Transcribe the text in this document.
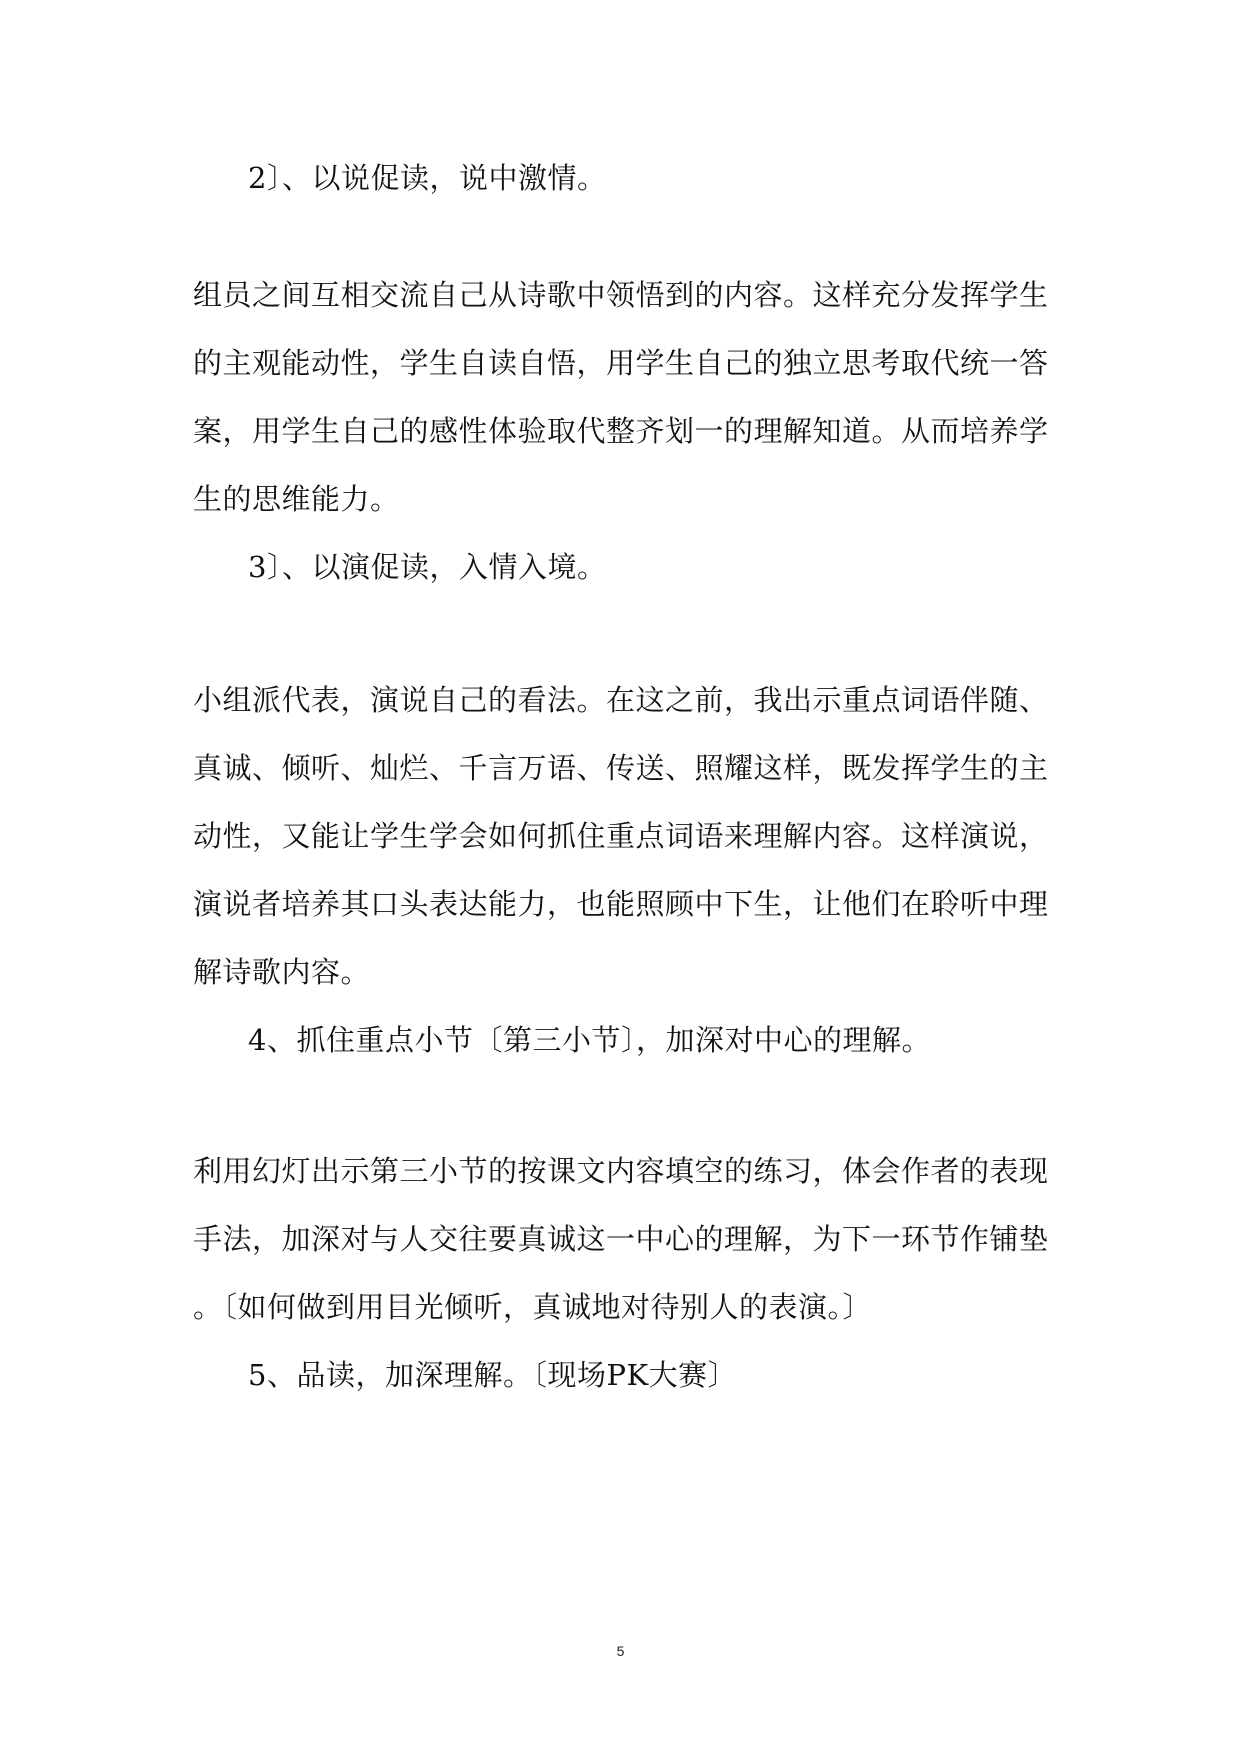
2〕、以说促读，说中激情。
组员之间互相交流自己从诗歌中领悟到的内容。这样充分发挥学生
的主观能动性，学生自读自悟，用学生自己的独立思考取代统一答
案，用学生自己的感性体验取代整齐划一的理解知道。从而培养学
生的思维能力。
3〕、以演促读，入情入境。
小组派代表，演说自己的看法。在这之前，我出示重点词语伴随、
真诚、倾听、灿烂、千言万语、传送、照耀这样，既发挥学生的主
动性，又能让学生学会如何抓住重点词语来理解内容。这样演说，
演说者培养其口头表达能力，也能照顾中下生，让他们在聆听中理
解诗歌内容。
4、抓住重点小节〔第三小节〕，加深对中心的理解。
利用幻灯出示第三小节的按课文内容填空的练习，体会作者的表现
手法，加深对与人交往要真诚这一中心的理解，为下一环节作铺垫
。〔如何做到用目光倾听，真诚地对待别人的表演。〕
5、品读，加深理解。〔现场PK大赛〕
5
